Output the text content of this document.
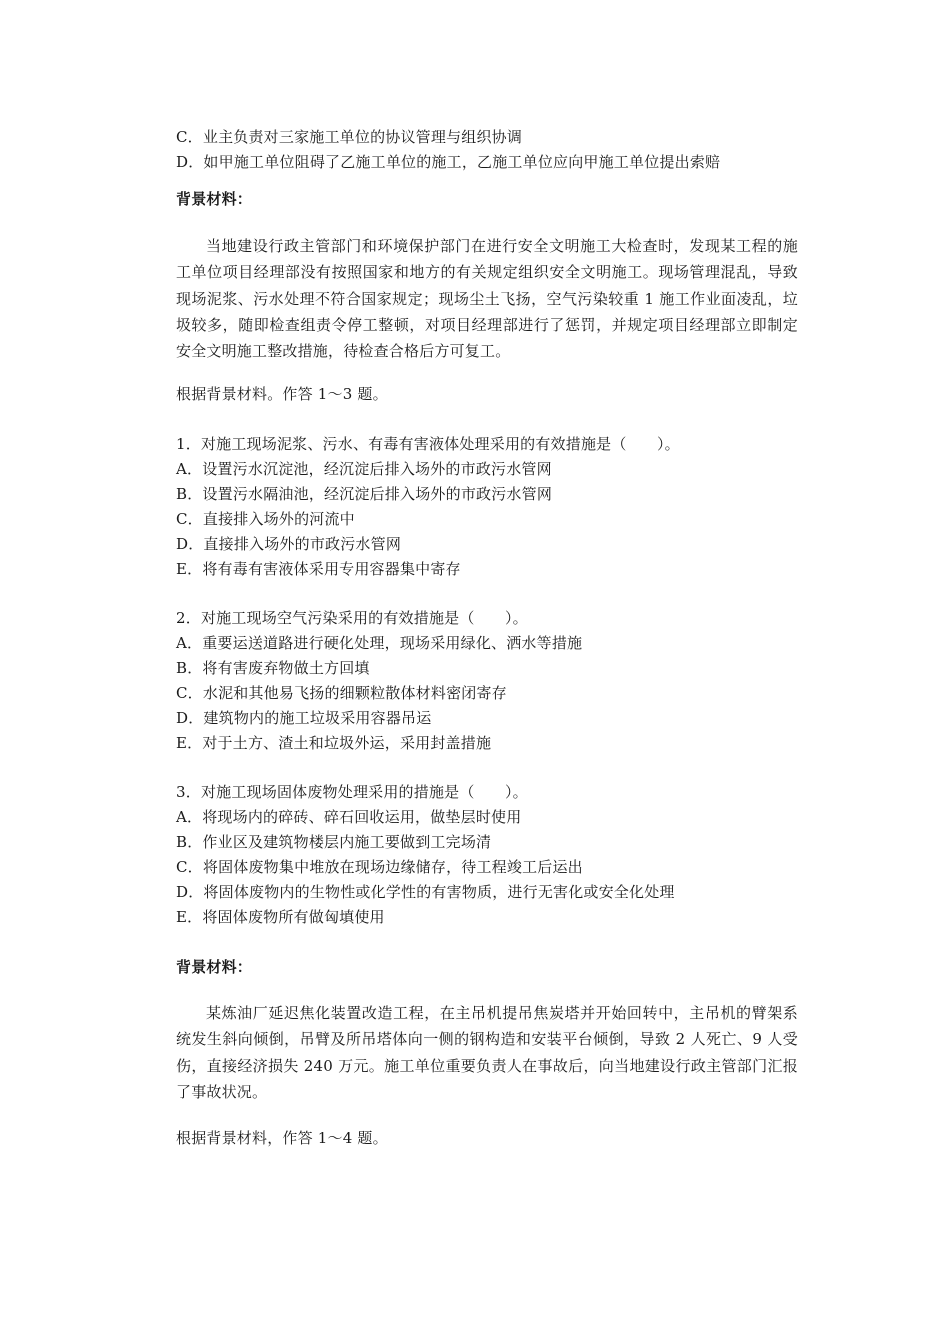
C．业主负责对三家施工单位的协议管理与组织协调
D．如甲施工单位阻碍了乙施工单位的施工，乙施工单位应向甲施工单位提出索赔
背景材料：
当地建设行政主管部门和环境保护部门在进行安全文明施工大检查时，发现某工程的施工单位项目经理部没有按照国家和地方的有关规定组织安全文明施工。现场管理混乱，导致现场泥浆、污水处理不符合国家规定；现场尘土飞扬，空气污染较重 1 施工作业面凌乱，垃圾较多，随即检查组责令停工整顿，对项目经理部进行了惩罚，并规定项目经理部立即制定安全文明施工整改措施，待检查合格后方可复工。
根据背景材料。作答 1～3 题。
1．对施工现场泥浆、污水、有毒有害液体处理采用的有效措施是（　　）。
A．设置污水沉淀池，经沉淀后排入场外的市政污水管网
B．设置污水隔油池，经沉淀后排入场外的市政污水管网
C．直接排入场外的河流中
D．直接排入场外的市政污水管网
E．将有毒有害液体采用专用容器集中寄存
2．对施工现场空气污染采用的有效措施是（　　）。
A．重要运送道路进行硬化处理，现场采用绿化、洒水等措施
B．将有害废弃物做土方回填
C．水泥和其他易飞扬的细颗粒散体材料密闭寄存
D．建筑物内的施工垃圾采用容器吊运
E．对于土方、渣土和垃圾外运，采用封盖措施
3．对施工现场固体废物处理采用的措施是（　　）。
A．将现场内的碎砖、碎石回收运用，做垫层时使用
B．作业区及建筑物楼层内施工要做到工完场清
C．将固体废物集中堆放在现场边缘储存，待工程竣工后运出
D．将固体废物内的生物性或化学性的有害物质，进行无害化或安全化处理
E．将固体废物所有做匈填使用
背景材料：
某炼油厂延迟焦化装置改造工程，在主吊机提吊焦炭塔并开始回转中，主吊机的臂架系统发生斜向倾倒，吊臂及所吊塔体向一侧的钢构造和安装平台倾倒，导致 2 人死亡、9 人受伤，直接经济损失 240 万元。施工单位重要负责人在事故后，向当地建设行政主管部门汇报了事故状况。
根据背景材料，作答 1～4 题。
